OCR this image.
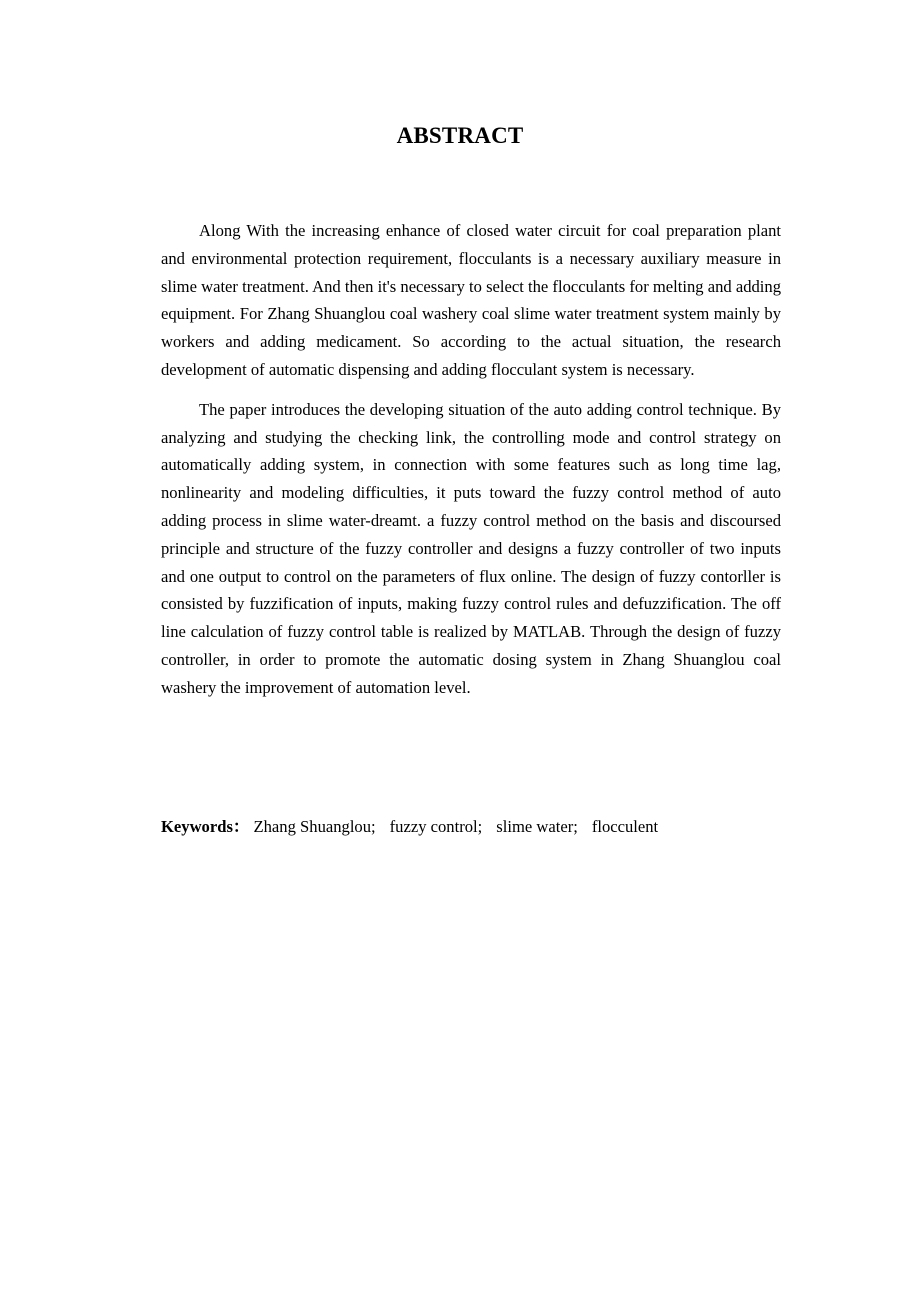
ABSTRACT

Along With the increasing enhance of closed water circuit for coal preparation plant and environmental protection requirement, flocculants is a necessary auxiliary measure in slime water treatment. And then it's necessary to select the flocculants for melting and adding equipment. For Zhang Shuanglou coal washery coal slime water treatment system mainly by workers and adding medicament. So according to the actual situation, the research development of automatic dispensing and adding flocculant system is necessary.

The paper introduces the developing situation of the auto adding control technique. By analyzing and studying the checking link, the controlling mode and control strategy on automatically adding system, in connection with some features such as long time lag, nonlinearity and modeling difficulties, it puts toward the fuzzy control method of auto adding process in slime water-dreamt. a fuzzy control method on the basis and discoursed principle and structure of the fuzzy controller and designs a fuzzy controller of two inputs and one output to control on the parameters of flux online. The design of fuzzy contorller is consisted by fuzzification of inputs, making fuzzy control rules and defuzzification. The off line calculation of fuzzy control table is realized by MATLAB. Through the design of fuzzy controller, in order to promote the automatic dosing system in Zhang Shuanglou coal washery the improvement of automation level.

Keywords： Zhang Shuanglou; fuzzy control; slime water; flocculent
